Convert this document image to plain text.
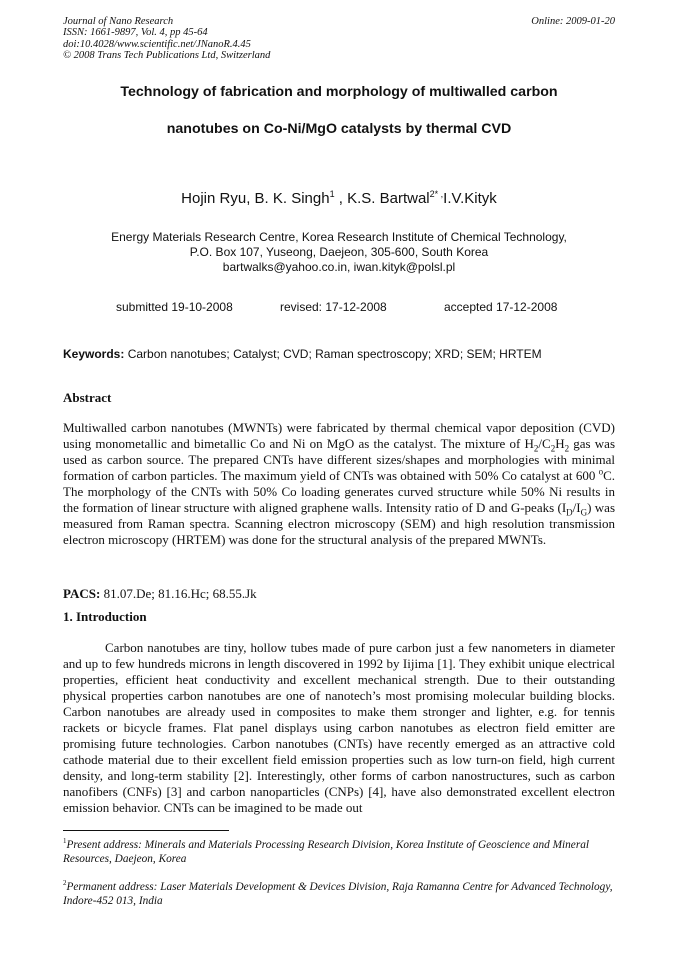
Journal of Nano Research
ISSN: 1661-9897, Vol. 4, pp 45-64
doi:10.4028/www.scientific.net/JNanoR.4.45
© 2008 Trans Tech Publications Ltd, Switzerland
Online: 2009-01-20
Technology of fabrication and morphology of multiwalled carbon
nanotubes on Co-Ni/MgO catalysts by thermal CVD
Hojin Ryu, B. K. Singh$^1$ , K.S. Bartwal$^{2*}$ ,I.V.Kityk
Energy Materials Research Centre, Korea Research Institute of Chemical Technology,
P.O. Box 107, Yuseong, Daejeon, 305-600, South Korea
bartwalks@yahoo.co.in, iwan.kityk@polsl.pl
submitted 19-10-2008	revised: 17-12-2008	accepted 17-12-2008
Keywords: Carbon nanotubes; Catalyst; CVD; Raman spectroscopy; XRD; SEM; HRTEM
Abstract
Multiwalled carbon nanotubes (MWNTs) were fabricated by thermal chemical vapor deposition (CVD) using monometallic and bimetallic Co and Ni on MgO as the catalyst. The mixture of $H_2/C_2H_2$ gas was used as carbon source. The prepared CNTs have different sizes/shapes and morphologies with minimal formation of carbon particles. The maximum yield of CNTs was obtained with 50% Co catalyst at 600 $^o$C. The morphology of the CNTs with 50% Co loading generates curved structure while 50% Ni results in the formation of linear structure with aligned graphene walls. Intensity ratio of D and G-peaks $(I_D/I_G)$ was measured from Raman spectra. Scanning electron microscopy (SEM) and high resolution transmission electron microscopy (HRTEM) was done for the structural analysis of the prepared MWNTs.
PACS: 81.07.De; 81.16.Hc; 68.55.Jk
1. Introduction
Carbon nanotubes are tiny, hollow tubes made of pure carbon just a few nanometers in diameter and up to few hundreds microns in length discovered in 1992 by Iijima [1]. They exhibit unique electrical properties, efficient heat conductivity and excellent mechanical strength. Due to their outstanding physical properties carbon nanotubes are one of nanotech’s most promising molecular building blocks. Carbon nanotubes are already used in composites to make them stronger and lighter, e.g. for tennis rackets or bicycle frames. Flat panel displays using carbon nanotubes as electron field emitter are promising future technologies. Carbon nanotubes (CNTs) have recently emerged as an attractive cold cathode material due to their excellent field emission properties such as low turn-on field, high current density, and long-term stability [2]. Interestingly, other forms of carbon nanostructures, such as carbon nanofibers (CNFs) [3] and carbon nanoparticles (CNPs) [4], have also demonstrated excellent electron emission behavior. CNTs can be imagined to be made out
$^1$Present address: Minerals and Materials Processing Research Division, Korea Institute of Geoscience and Mineral Resources, Daejeon, Korea
$^2$Permanent address: Laser Materials Development & Devices Division, Raja Ramanna Centre for Advanced Technology, Indore-452 013, India
